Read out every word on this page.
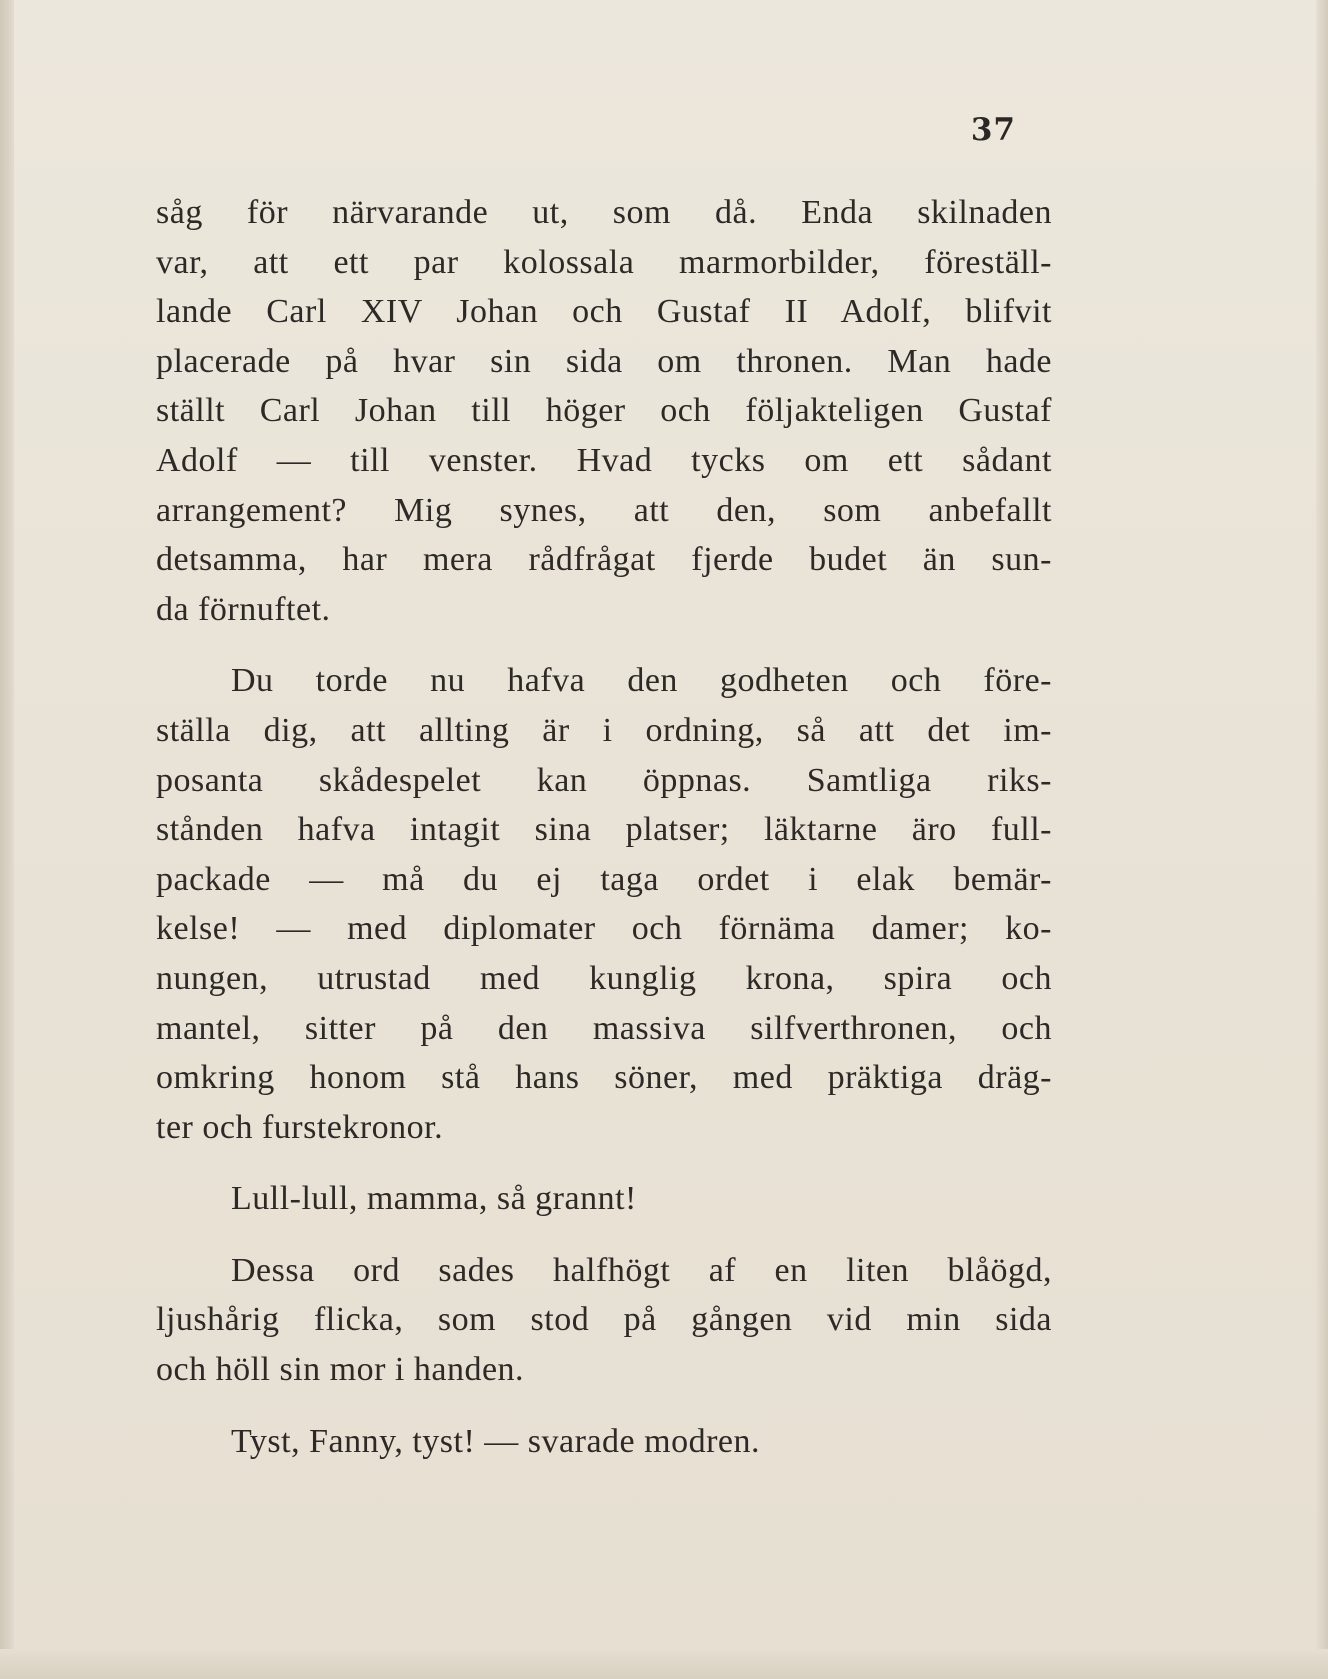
37
såg för närvarande ut, som då. Enda skilnaden
var, att ett par kolossala marmorbilder, föreställ-
lande Carl XIV Johan och Gustaf II Adolf, blifvit
placerade på hvar sin sida om thronen. Man hade
ställt Carl Johan till höger och följakteligen Gustaf
Adolf — till venster. Hvad tycks om ett sådant
arrangement? Mig synes, att den, som anbefallt
detsamma, har mera rådfrågat fjerde budet än sun-
da förnuftet.
Du torde nu hafva den godheten och före-
ställa dig, att allting är i ordning, så att det im-
posanta skådespelet kan öppnas. Samtliga riks-
stånden hafva intagit sina platser; läktarne äro full-
packade — må du ej taga ordet i elak bemär-
kelse! — med diplomater och förnäma damer; ko-
nungen, utrustad med kunglig krona, spira och
mantel, sitter på den massiva silfverthronen, och
omkring honom stå hans söner, med präktiga dräg-
ter och furstekronor.
Lull-lull, mamma, så grannt!
Dessa ord sades halfhögt af en liten blåögd,
ljushårig flicka, som stod på gången vid min sida
och höll sin mor i handen.
Tyst, Fanny, tyst! — svarade modren.
